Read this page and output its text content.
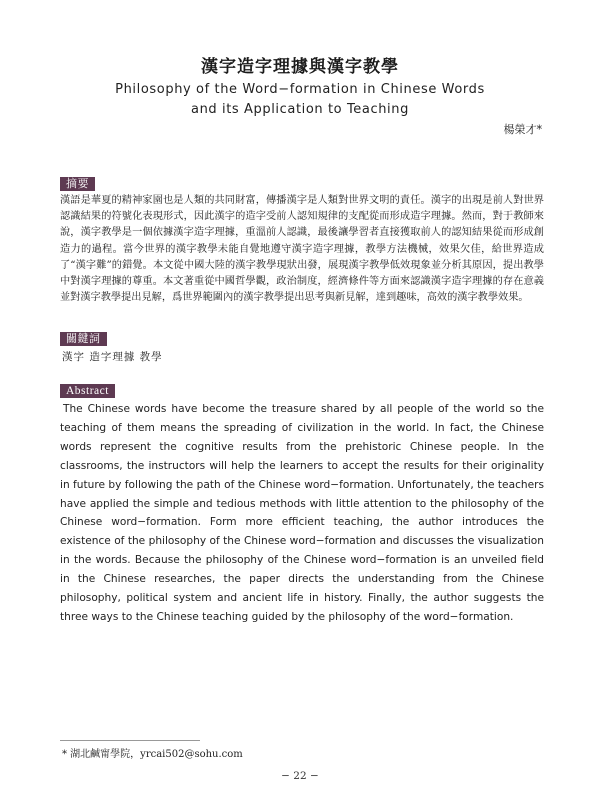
漢字造字理據與漢字教學
Philosophy of the Word−formation in Chinese Words
and its Application to Teaching
楊榮才*
摘要
漢語是華夏的精神家園也是人類的共同財富，傳播漢字是人類對世界文明的責任。漢字的出現是前人對世界認識結果的符號化表現形式，因此漢字的造字受前人認知規律的支配從而形成造字理據。然而，對于教師來說，漢字教學是一個依據漢字造字理據，重溫前人認識，最後讓學習者直接獲取前人的認知結果從而形成創造力的過程。當今世界的漢字教學未能自覺地遵守漢字造字理據，教學方法機械，效果欠佳，給世界造成了“漢字難”的錯覺。本文從中國大陸的漢字教學現狀出發，展現漢字教學低效現象並分析其原因，提出教學中對漢字理據的尊重。本文著重從中國哲學觀，政治制度，經濟條件等方面來認識漢字造字理據的存在意義並對漢字教學提出見解，爲世界範圍內的漢字教學提出思考與新見解，達到趣味，高效的漢字教學效果。
關鍵詞
漢字 造字理據 教學
Abstract
The Chinese words have become the treasure shared by all people of the world so the teaching of them means the spreading of civilization in the world. In fact, the Chinese words represent the cognitive results from the prehistoric Chinese people. In the classrooms, the instructors will help the learners to accept the results for their originality in future by following the path of the Chinese word−formation. Unfortunately, the teachers have applied the simple and tedious methods with little attention to the philosophy of the Chinese word−formation. Form more efficient teaching, the author introduces the existence of the philosophy of the Chinese word−formation and discusses the visualization in the words. Because the philosophy of the Chinese word−formation is an unveiled field in the Chinese researches, the paper directs the understanding from the Chinese philosophy, political system and ancient life in history. Finally, the author suggests the three ways to the Chinese teaching guided by the philosophy of the word−formation.
* 湖北鹹甯學院，yrcai502@sohu.com
− 22 −
